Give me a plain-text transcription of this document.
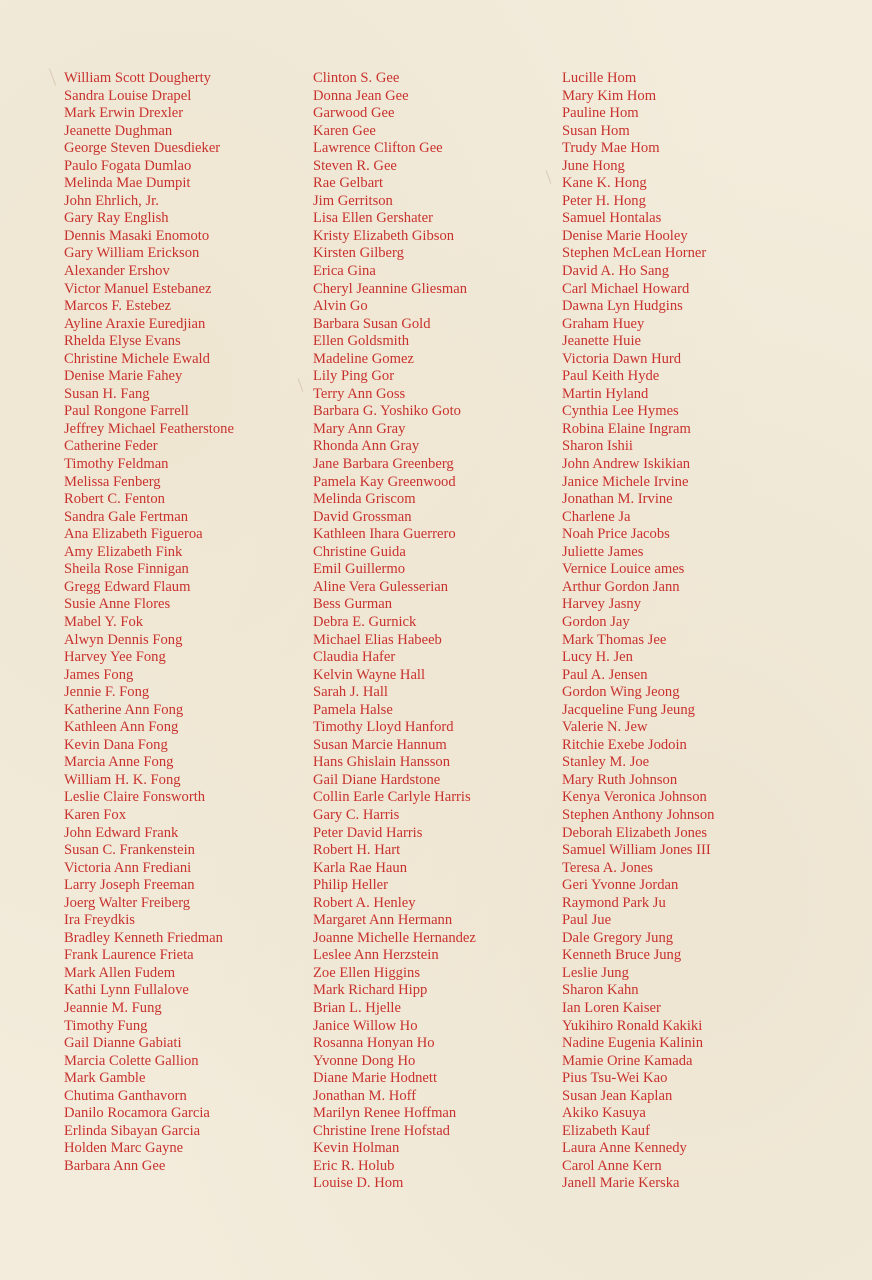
William Scott Dougherty
Sandra Louise Drapel
Mark Erwin Drexler
Jeanette Dughman
George Steven Duesdieker
Paulo Fogata Dumlao
Melinda Mae Dumpit
John Ehrlich, Jr.
Gary Ray English
Dennis Masaki Enomoto
Gary William Erickson
Alexander Ershov
Victor Manuel Estebanez
Marcos F. Estebez
Ayline Araxie Euredjian
Rhelda Elyse Evans
Christine Michele Ewald
Denise Marie Fahey
Susan H. Fang
Paul Rongone Farrell
Jeffrey Michael Featherstone
Catherine Feder
Timothy Feldman
Melissa Fenberg
Robert C. Fenton
Sandra Gale Fertman
Ana Elizabeth Figueroa
Amy Elizabeth Fink
Sheila Rose Finnigan
Gregg Edward Flaum
Susie Anne Flores
Mabel Y. Fok
Alwyn Dennis Fong
Harvey Yee Fong
James Fong
Jennie F. Fong
Katherine Ann Fong
Kathleen Ann Fong
Kevin Dana Fong
Marcia Anne Fong
William H. K. Fong
Leslie Claire Fonsworth
Karen Fox
John Edward Frank
Susan C. Frankenstein
Victoria Ann Frediani
Larry Joseph Freeman
Joerg Walter Freiberg
Ira Freydkis
Bradley Kenneth Friedman
Frank Laurence Frieta
Mark Allen Fudem
Kathi Lynn Fullalove
Jeannie M. Fung
Timothy Fung
Gail Dianne Gabiati
Marcia Colette Gallion
Mark Gamble
Chutima Ganthavorn
Danilo Rocamora Garcia
Erlinda Sibayan Garcia
Holden Marc Gayne
Barbara Ann Gee
Clinton S. Gee
Donna Jean Gee
Garwood Gee
Karen Gee
Lawrence Clifton Gee
Steven R. Gee
Rae Gelbart
Jim Gerritson
Lisa Ellen Gershater
Kristy Elizabeth Gibson
Kirsten Gilberg
Erica Gina
Cheryl Jeannine Gliesman
Alvin Go
Barbara Susan Gold
Ellen Goldsmith
Madeline Gomez
Lily Ping Gor
Terry Ann Goss
Barbara G. Yoshiko Goto
Mary Ann Gray
Rhonda Ann Gray
Jane Barbara Greenberg
Pamela Kay Greenwood
Melinda Griscom
David Grossman
Kathleen Ihara Guerrero
Christine Guida
Emil Guillermo
Aline Vera Gulesserian
Bess Gurman
Debra E. Gurnick
Michael Elias Habeeb
Claudia Hafer
Kelvin Wayne Hall
Sarah J. Hall
Pamela Halse
Timothy Lloyd Hanford
Susan Marcie Hannum
Hans Ghislain Hansson
Gail Diane Hardstone
Collin Earle Carlyle Harris
Gary C. Harris
Peter David Harris
Robert H. Hart
Karla Rae Haun
Philip Heller
Robert A. Henley
Margaret Ann Hermann
Joanne Michelle Hernandez
Leslee Ann Herzstein
Zoe Ellen Higgins
Mark Richard Hipp
Brian L. Hjelle
Janice Willow Ho
Rosanna Honyan Ho
Yvonne Dong Ho
Diane Marie Hodnett
Jonathan M. Hoff
Marilyn Renee Hoffman
Christine Irene Hofstad
Kevin Holman
Eric R. Holub
Louise D. Hom
Lucille Hom
Mary Kim Hom
Pauline Hom
Susan Hom
Trudy Mae Hom
June Hong
Kane K. Hong
Peter H. Hong
Samuel Hontalas
Denise Marie Hooley
Stephen McLean Horner
David A. Ho Sang
Carl Michael Howard
Dawna Lyn Hudgins
Graham Huey
Jeanette Huie
Victoria Dawn Hurd
Paul Keith Hyde
Martin Hyland
Cynthia Lee Hymes
Robina Elaine Ingram
Sharon Ishii
John Andrew Iskikian
Janice Michele Irvine
Jonathan M. Irvine
Charlene Ja
Noah Price Jacobs
Juliette James
Vernice Louice ames
Arthur Gordon Jann
Harvey Jasny
Gordon Jay
Mark Thomas Jee
Lucy H. Jen
Paul A. Jensen
Gordon Wing Jeong
Jacqueline Fung Jeung
Valerie N. Jew
Ritchie Exebe Jodoin
Stanley M. Joe
Mary Ruth Johnson
Kenya Veronica Johnson
Stephen Anthony Johnson
Deborah Elizabeth Jones
Samuel William Jones III
Teresa A. Jones
Geri Yvonne Jordan
Raymond Park Ju
Paul Jue
Dale Gregory Jung
Kenneth Bruce Jung
Leslie Jung
Sharon Kahn
Ian Loren Kaiser
Yukihiro Ronald Kakiki
Nadine Eugenia Kalinin
Mamie Orine Kamada
Pius Tsu-Wei Kao
Susan Jean Kaplan
Akiko Kasuya
Elizabeth Kauf
Laura Anne Kennedy
Carol Anne Kern
Janell Marie Kerska
